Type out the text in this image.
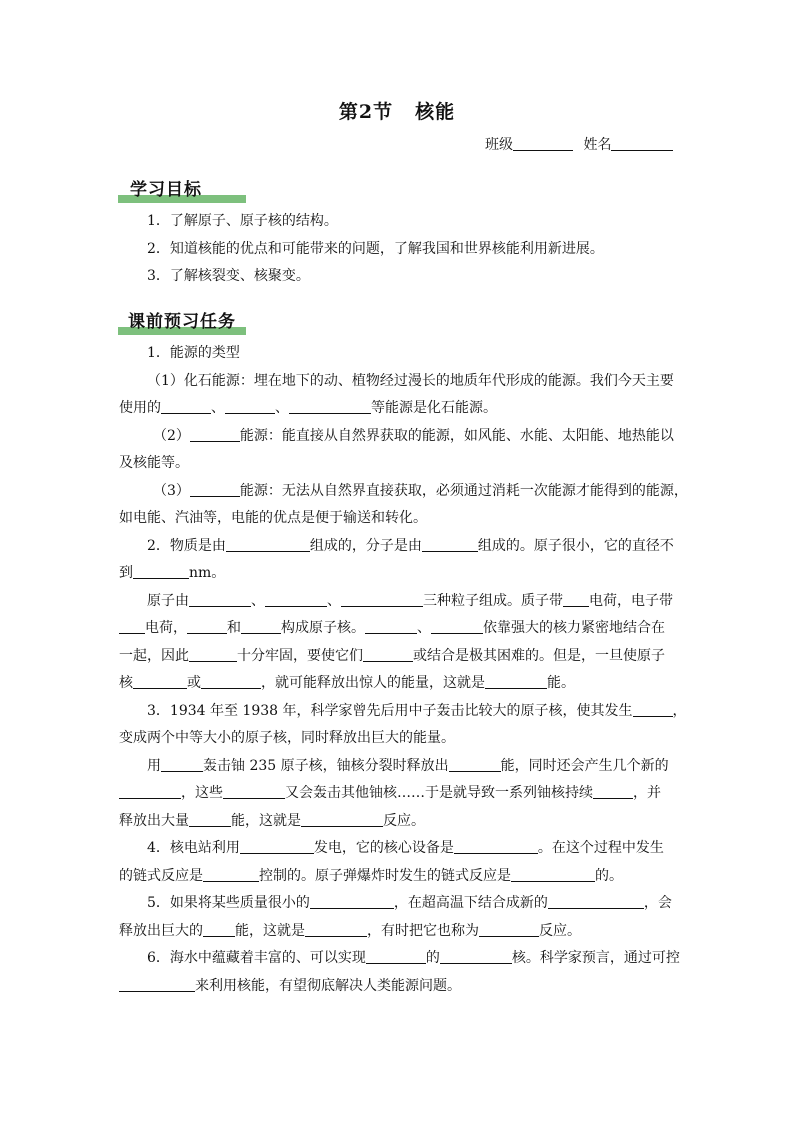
第2节 核能
班级	姓名
学习目标

1．了解原子、原子核的结构。

2．知道核能的优点和可能带来的问题，了解我国和世界核能利用新进展。

3．了解核裂变、核聚变。

课前预习任务

1．能源的类型

（1）化石能源：埋在地下的动、植物经过漫长的地质年代形成的能源。我们今天主要

使用的	、	、	等能源是化石能源。

（2）	能源：能直接从自然界获取的能源，如风能、水能、太阳能、地热能以

及核能等。

（3）	能源：无法从自然界直接获取，必须通过消耗一次能源才能得到的能源，

如电能、汽油等，电能的优点是便于输送和转化。

2．物质是由	组成的，分子是由	组成的。原子很小，它的直径不

到	nm。

原子由	、	、	三种粒子组成。质子带 电荷，电子带

电荷，	和	构成原子核。	、	依靠强大的核力紧密地结合在

一起，因此	十分牢固，要使它们	或结合是极其困难的。但是，一旦使原子

核	或	，就可能释放出惊人的能量，这就是	能。

3．1934 年至 1938 年，科学家曾先后用中子轰击比较大的原子核，使其发生	，

变成两个中等大小的原子核，同时释放出巨大的能量。

用	轰击铀 235 原子核，铀核分裂时释放出	能，同时还会产生几个新的

，这些	又会轰击其他铀核……于是就导致一系列铀核持续	，并

释放出大量	能，这就是	反应。

4．核电站利用	发电，它的核心设备是	。在这个过程中发生

的链式反应是	控制的。原子弹爆炸时发生的链式反应是	的。

5．如果将某些质量很小的	，在超高温下结合成新的	，会

释放出巨大的 能，这就是	，有时把它也称为	反应。

6．海水中蕴藏着丰富的、可以实现	的	核。科学家预言，通过可控

来利用核能，有望彻底解决人类能源问题。
